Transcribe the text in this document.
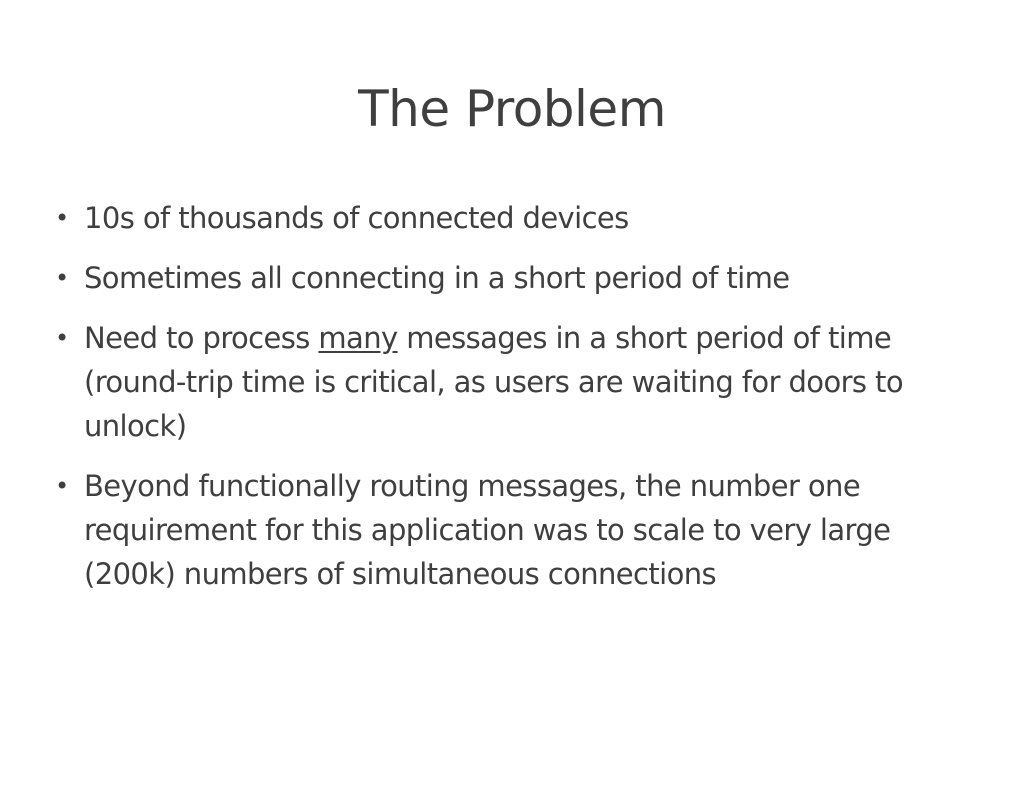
The Problem
• 10s of thousands of connected devices
• Sometimes all connecting in a short period of time
• Need to process many messages in a short period of time (round-trip time is critical, as users are waiting for doors to unlock)
• Beyond functionally routing messages, the number one requirement for this application was to scale to very large (200k) numbers of simultaneous connections
